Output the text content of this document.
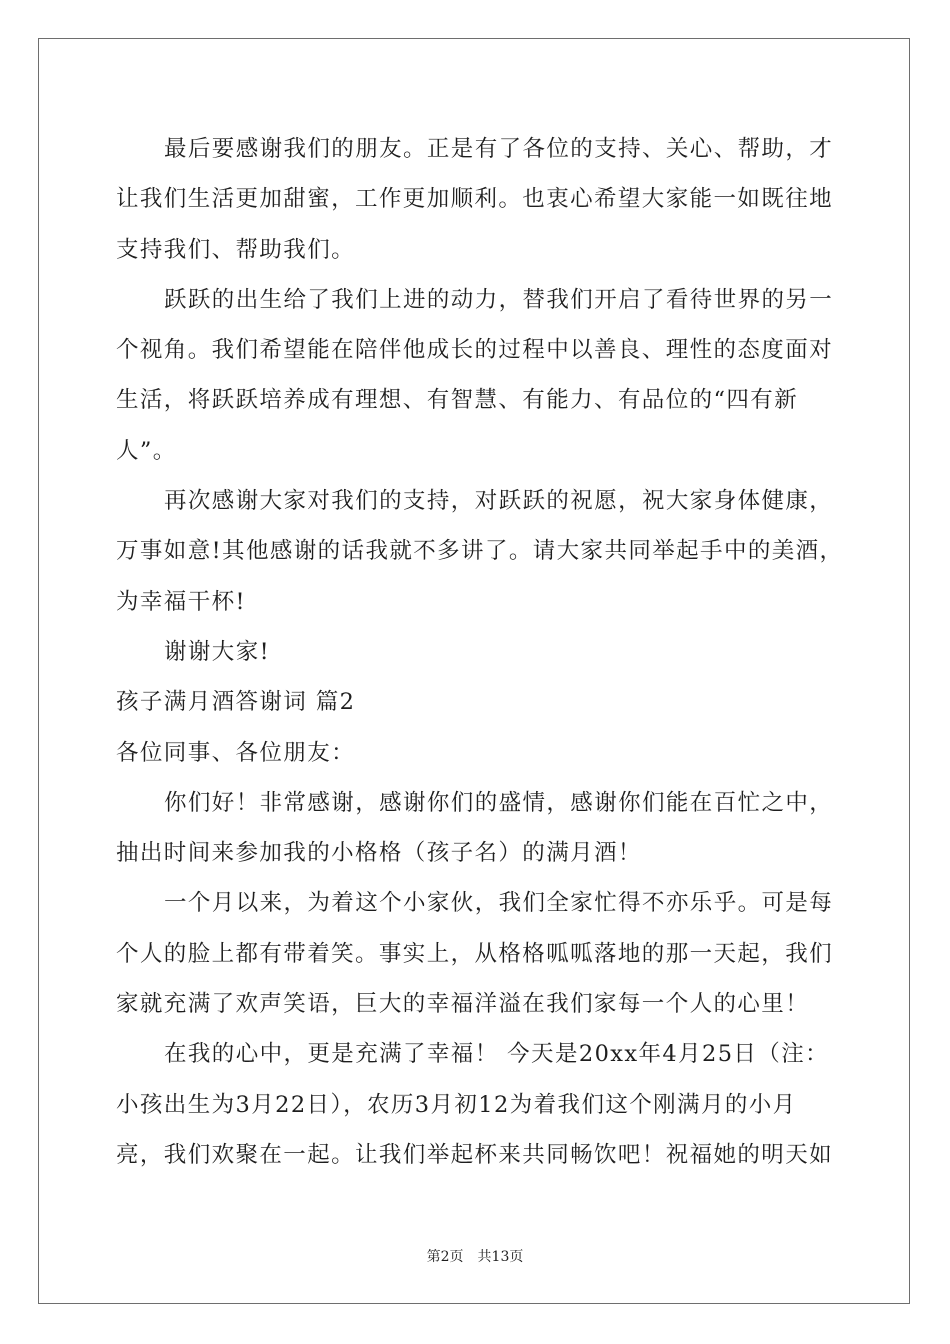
最后要感谢我们的朋友。正是有了各位的支持、关心、帮助，才
让我们生活更加甜蜜，工作更加顺利。也衷心希望大家能一如既往地
支持我们、帮助我们。
跃跃的出生给了我们上进的动力，替我们开启了看待世界的另一
个视角。我们希望能在陪伴他成长的过程中以善良、理性的态度面对
生活，将跃跃培养成有理想、有智慧、有能力、有品位的“四有新
人”。
再次感谢大家对我们的支持，对跃跃的祝愿，祝大家身体健康，
万事如意!其他感谢的话我就不多讲了。请大家共同举起手中的美酒，
为幸福干杯!
谢谢大家!
孩子满月酒答谢词 篇2
各位同事、各位朋友：
你们好！非常感谢，感谢你们的盛情，感谢你们能在百忙之中，
抽出时间来参加我的小格格（孩子名）的满月酒！
一个月以来，为着这个小家伙，我们全家忙得不亦乐乎。可是每
个人的脸上都有带着笑。事实上，从格格呱呱落地的那一天起，我们
家就充满了欢声笑语，巨大的幸福洋溢在我们家每一个人的心里！
在我的心中，更是充满了幸福！ 今天是20xx年4月25日（注：
小孩出生为3月22日），农历3月初12为着我们这个刚满月的小月
亮，我们欢聚在一起。让我们举起杯来共同畅饮吧！祝福她的明天如
第2页 共13页
